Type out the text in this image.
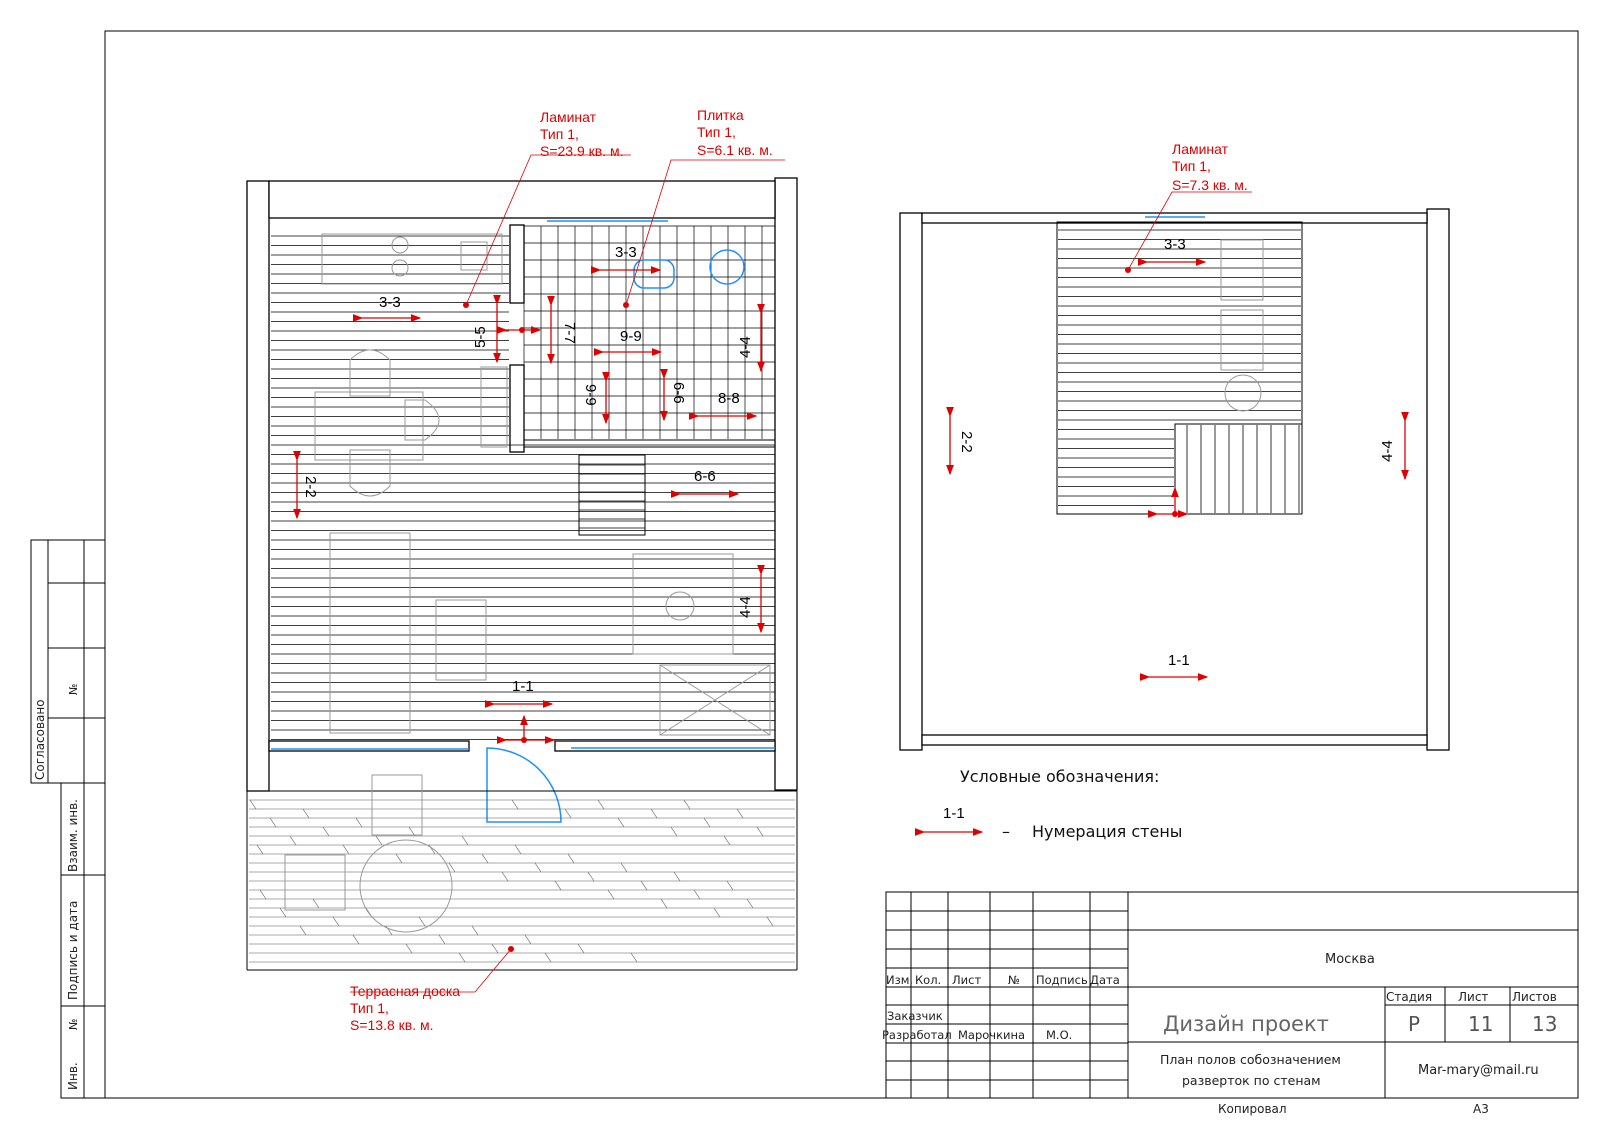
Согласовано
№
Взаим. инв.
Подпись и дата
Инв.
№
Ламинат
Тип 1,
S=23.9 кв. м.
Плитка
Тип 1,
S=6.1 кв. м.
Террасная доска
Тип 1,
S=13.8 кв. м.
Ламинат
Тип 1,
S=7.3 кв. м.
3-3
3-3
5-5	7-7	9-9	4-4
9-9	6-6 8-8
2-2	6-6
4-4
1-1
3-3
2-2	4-4
1-1
Условные обозначения:
1-1
– Нумерация стены
Москва
Изм. Кол. Лист № Подпись Дата
Заказчик
Разработал Марочкина М.О.	Дизайн проект
Стадия Лист Листов
Р 11 13
План полов собозначением
разверток по стенам
Mar-mary@mail.ru
Копировал	А3
